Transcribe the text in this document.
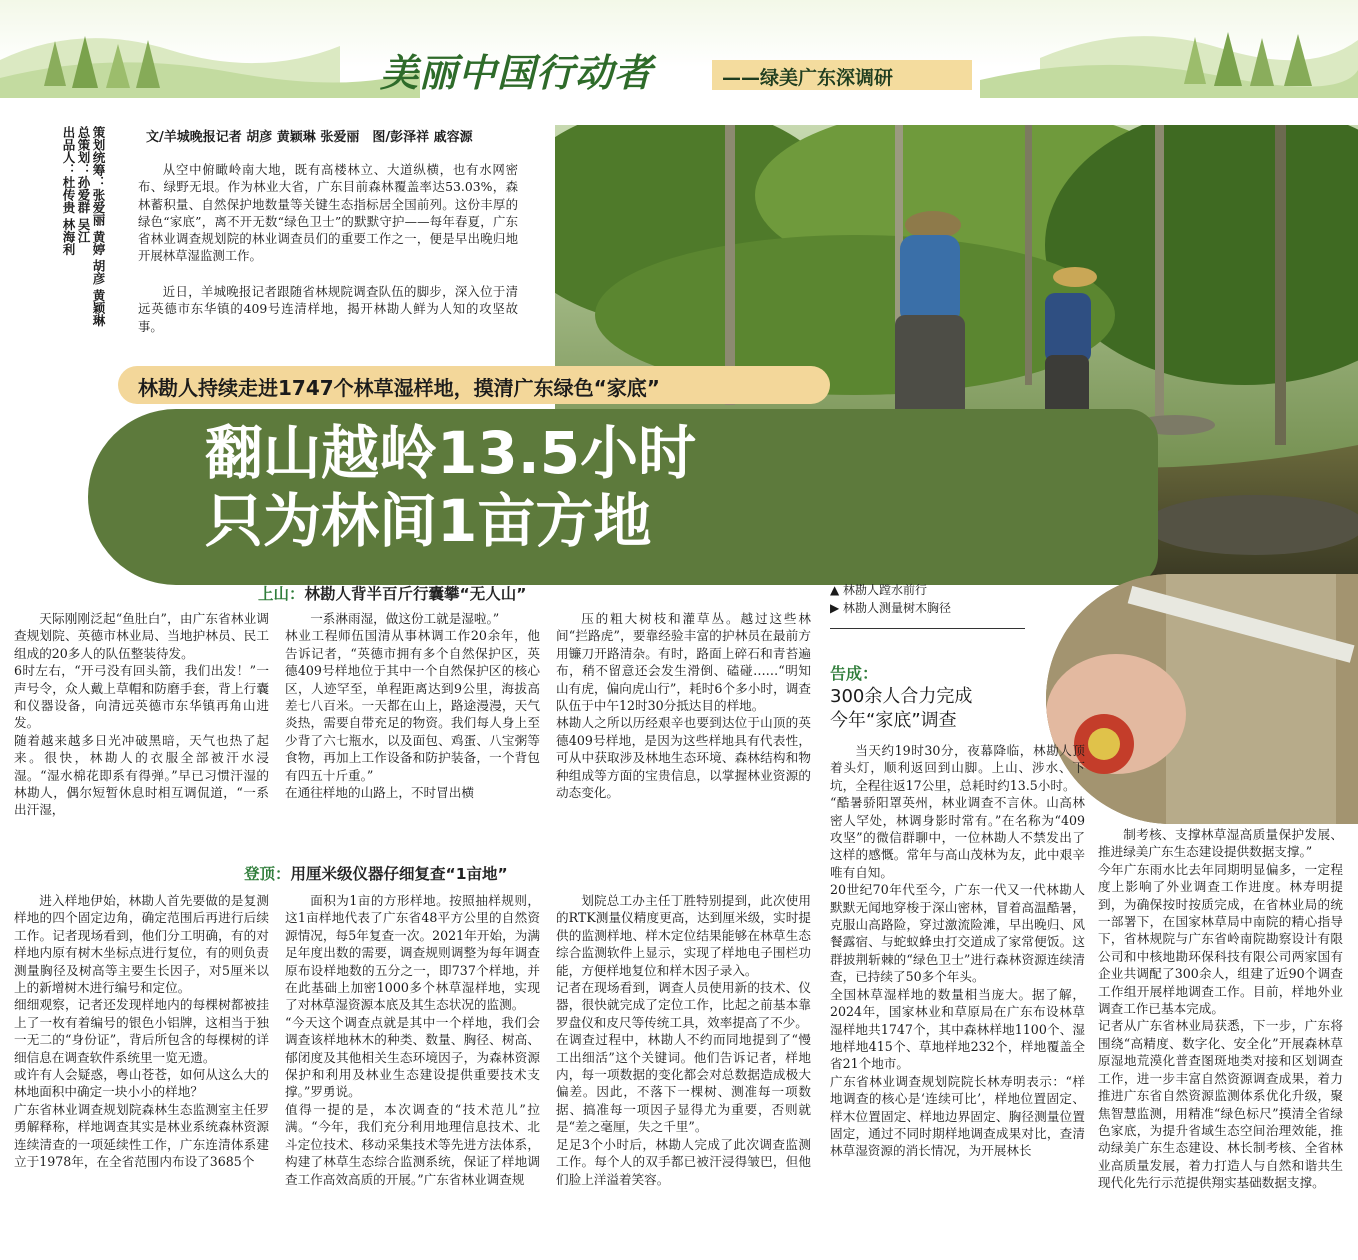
美丽中国行动者	——绿美广东深调研
策划统筹：张爱丽 黄婷 胡彦 黄颖琳
总策划：孙爱群 吴江
出品人：杜传贵 林海利
文/羊城晚报记者 胡彦 黄颖琳 张爱丽　图/彭泽祥 戚容源
从空中俯瞰岭南大地，既有高楼林立、大道纵横，也有水网密布、绿野无垠。作为林业大省，广东目前森林覆盖率达53.03%，森林蓄积量、自然保护地数量等关键生态指标居全国前列。这份丰厚的绿色“家底”，离不开无数“绿色卫士”的默默守护——每年春夏，广东省林业调查规划院的林业调查员们的重要工作之一，便是早出晚归地开展林草湿监测工作。
近日，羊城晚报记者跟随省林规院调查队伍的脚步，深入位于清远英德市东华镇的409号连清样地，揭开林勘人鲜为人知的攻坚故事。
林勘人持续走进1747个林草湿样地，摸清广东绿色“家底”
翻山越岭13.5小时
只为林间1亩方地
上山：林勘人背半百斤行囊攀“无人山”
天际刚刚泛起“鱼肚白”，由广东省林业调查规划院、英德市林业局、当地护林员、民工组成的20多人的队伍整装待发。
6时左右，“开弓没有回头箭，我们出发！”一声号令，众人戴上草帽和防磨手套，背上行囊和仪器设备，向清远英德市东华镇再角山进发。
随着越来越多日光冲破黑暗，天气也热了起来。很快，林勘人的衣服全部被汗水浸湿。“湿水棉花即系有得弹。”早已习惯汗湿的林勘人，偶尔短暂休息时相互调侃道，“一系出汗湿，
一系淋雨湿，做这份工就是湿啦。”
林业工程师伍国清从事林调工作20余年，他告诉记者，“英德市拥有多个自然保护区，英德409号样地位于其中一个自然保护区的核心区，人迹罕至，单程距离达到9公里，海拔高差七八百米。一天都在山上，路途漫漫，天气炎热，需要自带充足的物资。我们每人身上至少背了六七瓶水，以及面包、鸡蛋、八宝粥等食物，再加上工作设备和防护装备，一个背包有四五十斤重。”
在通往样地的山路上，不时冒出横
压的粗大树枝和灌草丛。越过这些林间“拦路虎”，要靠经验丰富的护林员在最前方用镰刀开路清杂。有时，路面上碎石和青苔遍布，稍不留意还会发生滑倒、磕碰……“明知山有虎，偏向虎山行”，耗时6个多小时，调查队伍于中午12时30分抵达目的样地。
林勘人之所以历经艰辛也要到达位于山顶的英德409号样地，是因为这些样地具有代表性，可从中获取涉及林地生态环境、森林结构和物种组成等方面的宝贵信息，以掌握林业资源的动态变化。
▲ 林勘人蹚水前行
▶ 林勘人测量树木胸径
告成：
300余人合力完成
今年“家底”调查
登顶：用厘米级仪器仔细复查“1亩地”
进入样地伊始，林勘人首先要做的是复测样地的四个固定边角，确定范围后再进行后续工作。记者现场看到，他们分工明确，有的对样地内原有树木坐标点进行复位，有的则负责测量胸径及树高等主要生长因子，对5厘米以上的新增树木进行编号和定位。
细细观察，记者还发现样地内的每棵树都被挂上了一枚有着编号的银色小铝牌，这相当于独一无二的“身份证”，背后所包含的每棵树的详细信息在调查软件系统里一览无遗。
或许有人会疑惑，粤山苍苍，如何从这么大的林地面积中确定一块小小的样地？
广东省林业调查规划院森林生态监测室主任罗勇解释称，样地调查其实是林业系统森林资源连续清查的一项延续性工作，广东连清体系建立于1978年，在全省范围内布设了3685个
面积为1亩的方形样地。按照抽样规则，这1亩样地代表了广东省48平方公里的自然资源情况，每5年复查一次。2021年开始，为满足年度出数的需要，调查规则调整为每年调查原布设样地数的五分之一，即737个样地，并在此基础上加密1000多个林草湿样地，实现了对林草湿资源本底及其生态状况的监测。
“今天这个调查点就是其中一个样地，我们会调查该样地林木的种类、数量、胸径、树高、郁闭度及其他相关生态环境因子，为森林资源保护和利用及林业生态建设提供重要技术支撑。”罗勇说。
值得一提的是，本次调查的“技术范儿”拉满。“今年，我们充分利用地理信息技术、北斗定位技术、移动采集技术等先进方法体系，构建了林草生态综合监测系统，保证了样地调查工作高效高质的开展。”广东省林业调查规
划院总工办主任丁胜特别提到，此次使用的RTK测量仪精度更高，达到厘米级，实时提供的监测样地、样木定位结果能够在林草生态综合监测软件上显示，实现了样地电子围栏功能，方便样地复位和样木因子录入。
记者在现场看到，调查人员使用新的技术、仪器，很快就完成了定位工作，比起之前基本靠罗盘仪和皮尺等传统工具，效率提高了不少。
在调查过程中，林勘人不约而同地提到了“慢工出细活”这个关键词。他们告诉记者，样地内，每一项数据的变化都会对总数据造成极大偏差。因此，不落下一棵树、测准每一项数据、搞准每一项因子显得尤为重要，否则就是“差之毫厘，失之千里”。
足足3个小时后，林勘人完成了此次调查监测工作。每个人的双手都已被汗浸得皱巴，但他们脸上洋溢着笑容。
当天约19时30分，夜幕降临，林勘人顶着头灯，顺利返回到山脚。上山、涉水、下坑，全程往返17公里，总耗时约13.5小时。
“酷暑骄阳罩英州，林业调查不言休。山高林密人罕处，林调身影时常有。”在名称为“409攻坚”的微信群聊中，一位林勘人不禁发出了这样的感慨。常年与高山茂林为友，此中艰辛唯有自知。
20世纪70年代至今，广东一代又一代林勘人默默无闻地穿梭于深山密林，冒着高温酷暑，克服山高路险，穿过激流险滩，早出晚归、风餐露宿、与蛇蚁蜂虫打交道成了家常便饭。这群披荆斩棘的“绿色卫士”进行森林资源连续清查，已持续了50多个年头。
全国林草湿样地的数量相当庞大。据了解，2024年，国家林业和草原局在广东布设林草湿样地共1747个，其中森林样地1100个、湿地样地415个、草地样地232个，样地覆盖全省21个地市。
广东省林业调查规划院院长林寿明表示：“样地调查的核心是‘连续可比’，样地位置固定、样木位置固定、样地边界固定、胸径测量位置固定，通过不同时期样地调查成果对比，查清林草湿资源的消长情况，为开展林长
制考核、支撑林草湿高质量保护发展、推进绿美广东生态建设提供数据支撑。”
今年广东雨水比去年同期明显偏多，一定程度上影响了外业调查工作进度。林寿明提到，为确保按时按质完成，在省林业局的统一部署下，在国家林草局中南院的精心指导下，省林规院与广东省岭南院勘察设计有限公司和中核地勘环保科技有限公司两家国有企业共调配了300余人，组建了近90个调查工作组开展样地调查工作。目前，样地外业调查工作已基本完成。
记者从广东省林业局获悉，下一步，广东将围绕“高精度、数字化、安全化”开展森林草原湿地荒漠化普查图斑地类对接和区划调查工作，进一步丰富自然资源调查成果，着力推进广东省自然资源监测体系优化升级，聚焦智慧监测，用精准“绿色标尺”摸清全省绿色家底，为提升省域生态空间治理效能，推动绿美广东生态建设、林长制考核、全省林业高质量发展，着力打造人与自然和谐共生现代化先行示范提供翔实基础数据支撑。
